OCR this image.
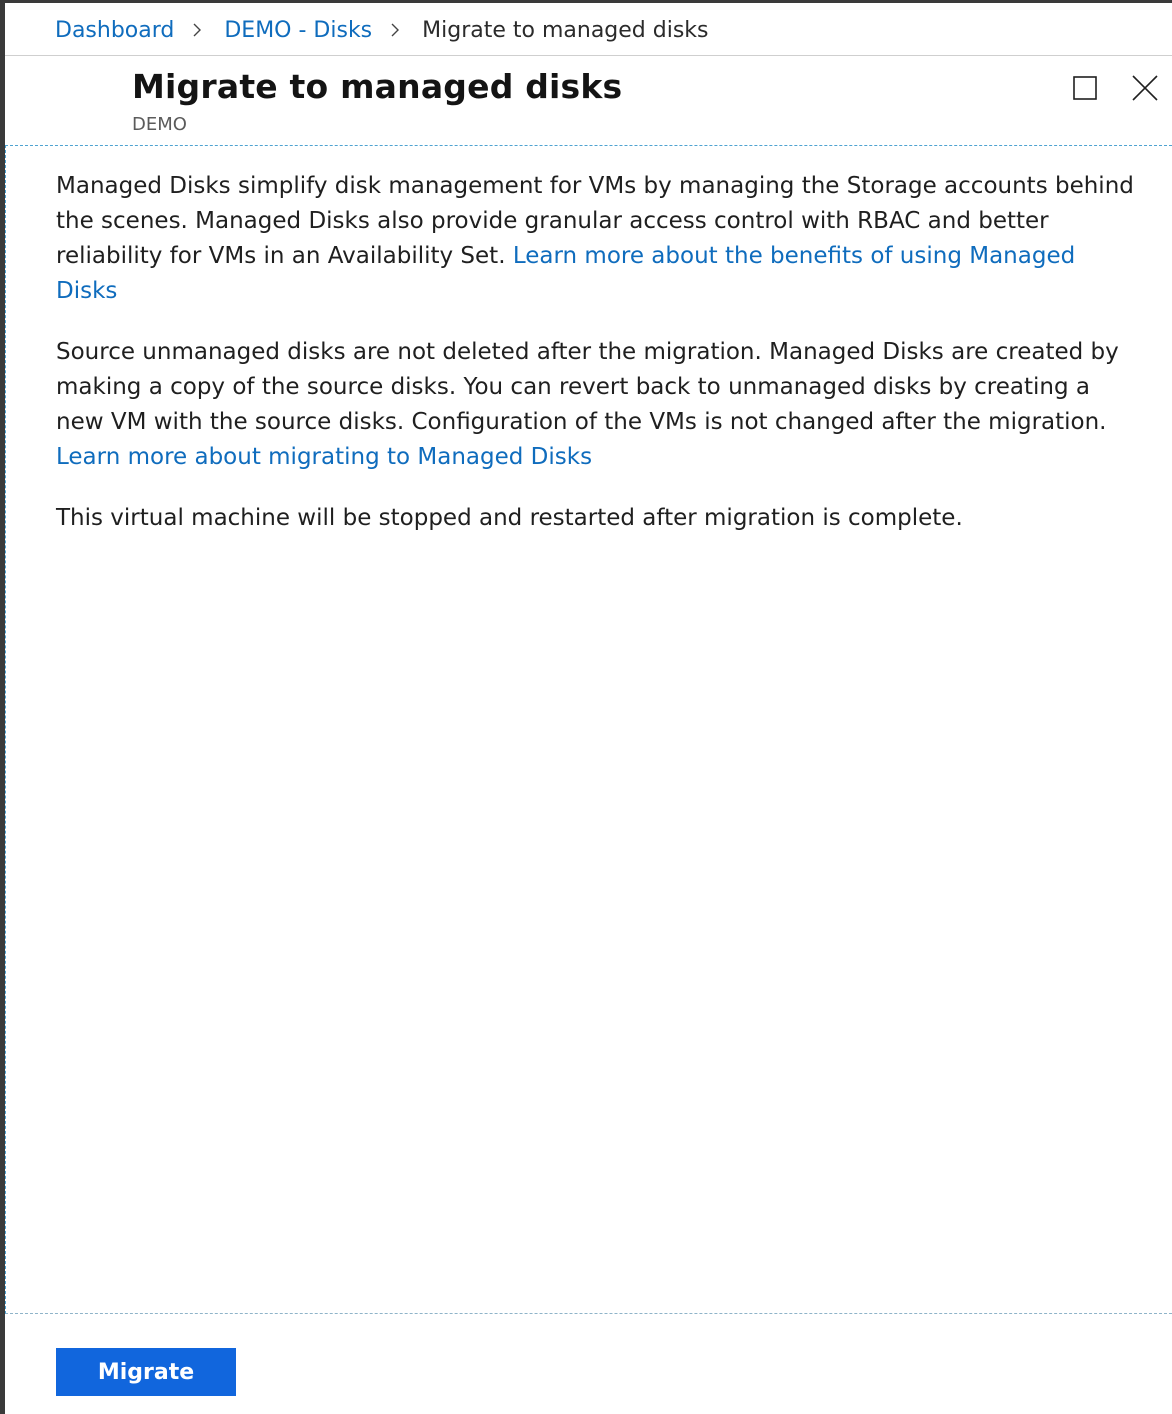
Dashboard DEMO - Disks Migrate to managed disks
Migrate to managed disks
DEMO

Managed Disks simplify disk management for VMs by managing the Storage accounts behind the scenes. Managed Disks also provide granular access control with RBAC and better reliability for VMs in an Availability Set. Learn more about the benefits of using Managed Disks

Source unmanaged disks are not deleted after the migration. Managed Disks are created by making a copy of the source disks. You can revert back to unmanaged disks by creating a new VM with the source disks. Configuration of the VMs is not changed after the migration. Learn more about migrating to Managed Disks

This virtual machine will be stopped and restarted after migration is complete.

Migrate
